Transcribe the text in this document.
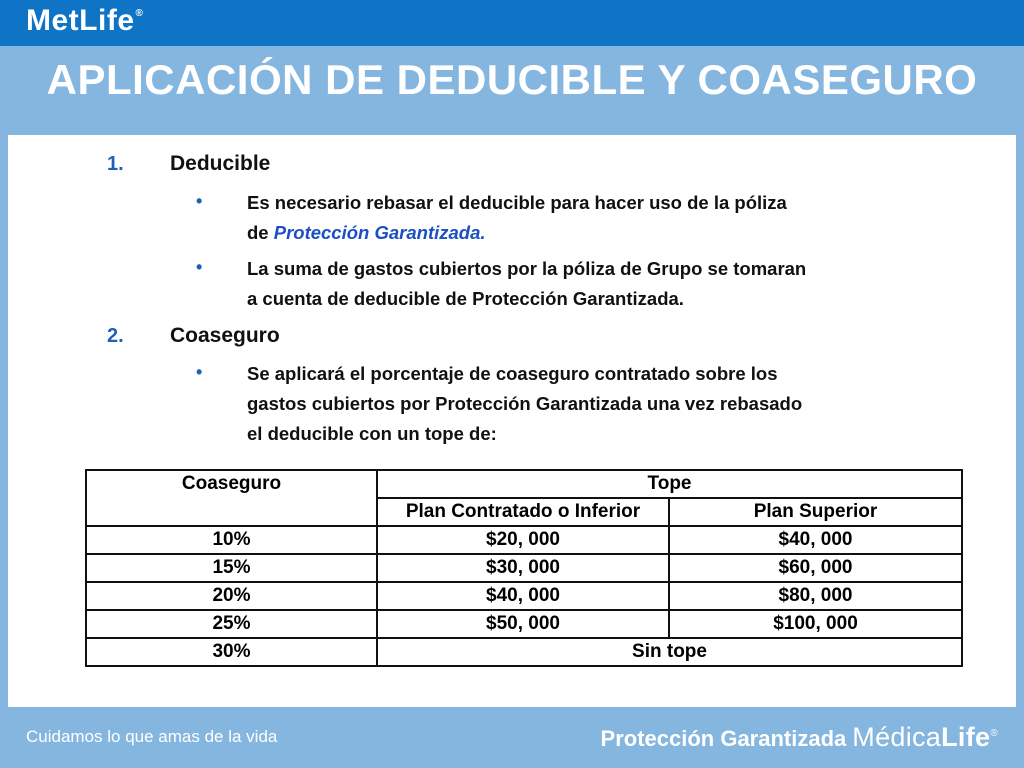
MetLife®
APLICACIÓN DE DEDUCIBLE Y COASEGURO
1. Deducible
• Es necesario rebasar el deducible para hacer uso de la póliza
de Protección Garantizada.
• La suma de gastos cubiertos por la póliza de Grupo se tomaran
a cuenta de deducible de Protección Garantizada.
2. Coaseguro
• Se aplicará el porcentaje de coaseguro contratado sobre los
gastos cubiertos por Protección Garantizada una vez rebasado
el deducible con un tope de:
Coaseguro	Tope	
	Plan Contratado o Inferior	Plan Superior
10%	$20, 000	$40, 000
15%	$30, 000	$60, 000
20%	$40, 000	$80, 000
25%	$50, 000	$100, 000
30%	Sin tope	
Cuidamos lo que amas de la vida	Protección Garantizada MédicaLife®
